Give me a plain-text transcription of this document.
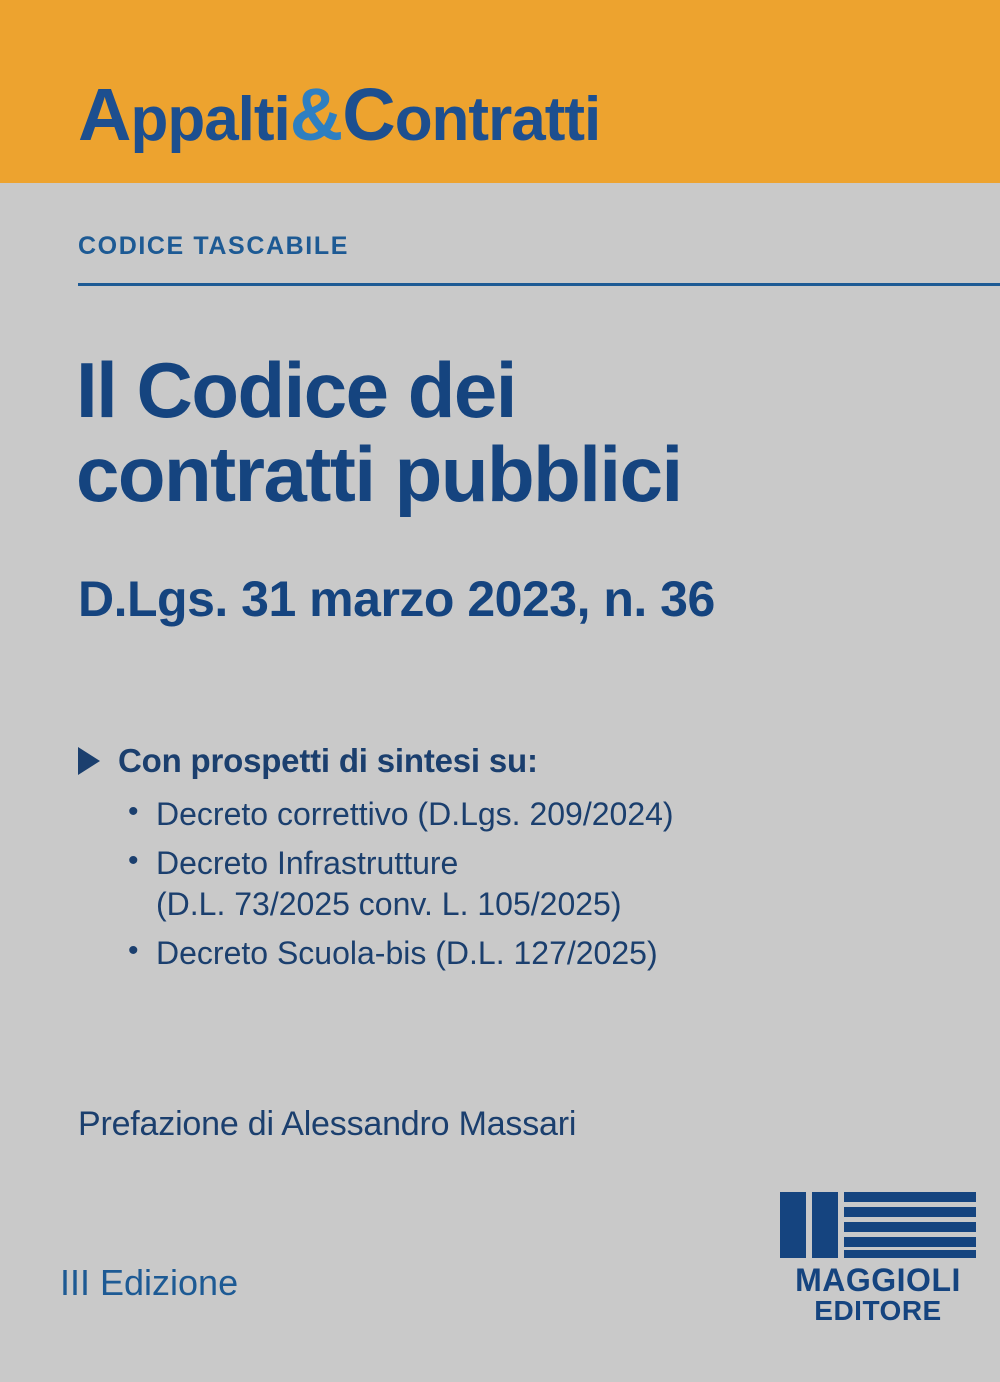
Appalti&Contratti
CODICE TASCABILE
Il Codice dei
contratti pubblici
D.Lgs. 31 marzo 2023, n. 36
Con prospetti di sintesi su:
• Decreto correttivo (D.Lgs. 209/2024)
• Decreto Infrastrutture
(D.L. 73/2025 conv. L. 105/2025)
• Decreto Scuola-bis (D.L. 127/2025)
Prefazione di Alessandro Massari
III Edizione	MAGGIOLI
EDITORE
